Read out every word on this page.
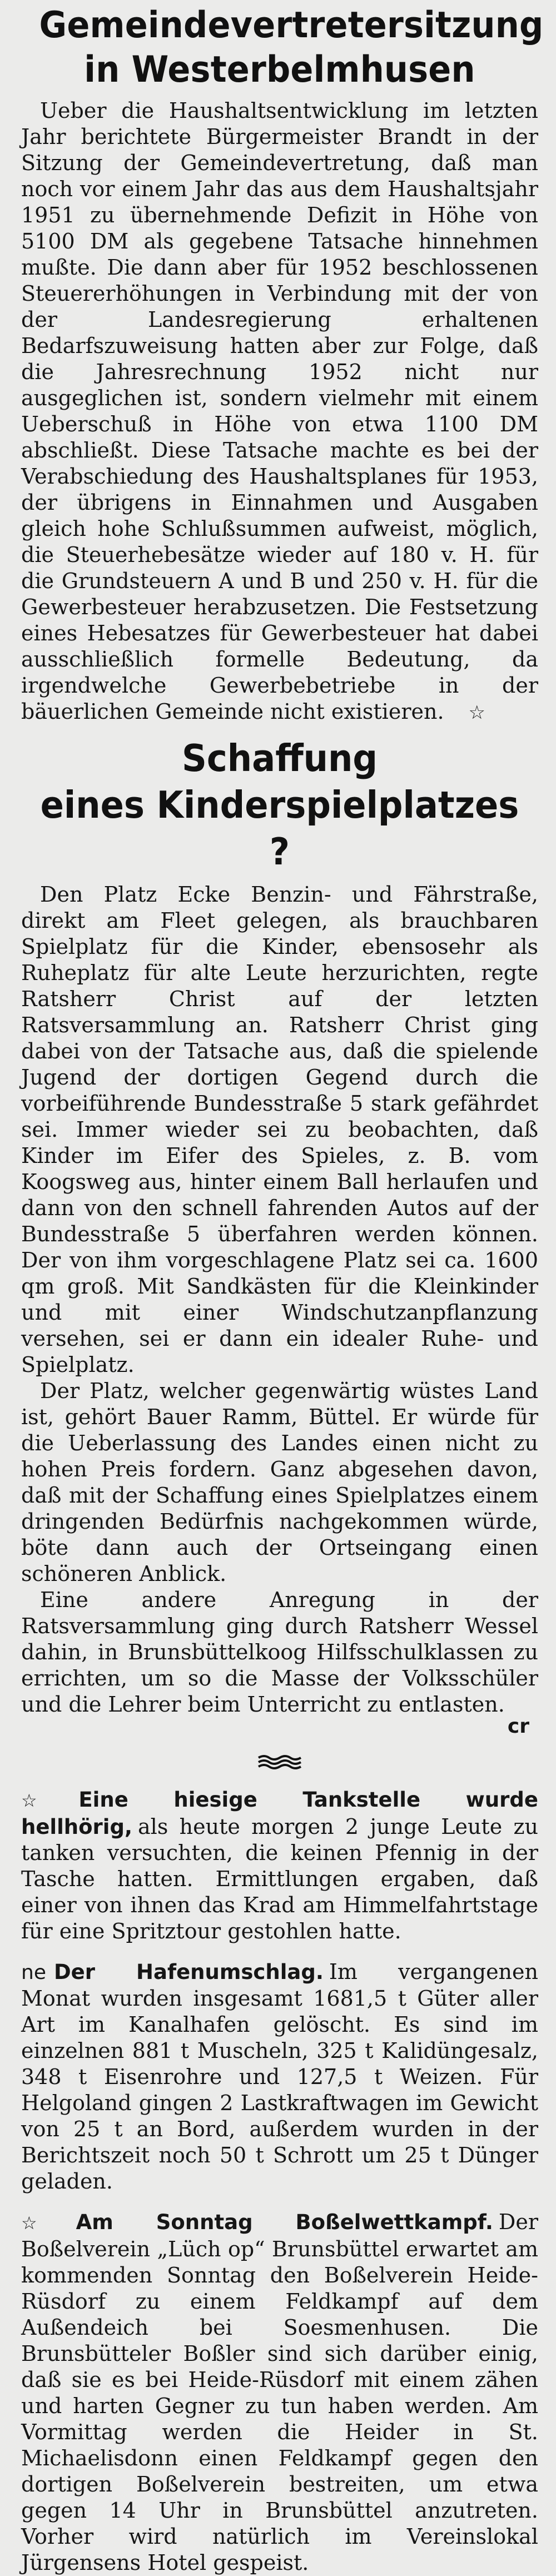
Gemeindevertretersitzung
in Westerbelmhusen

Ueber die Haushaltsentwicklung im letzten Jahr berichtete Bürgermeister Brandt in der Sitzung der Gemeindevertretung, daß man noch vor einem Jahr das aus dem Haushaltsjahr 1951 zu übernehmende Defizit in Höhe von 5100 DM als gegebene Tatsache hinnehmen mußte. Die dann aber für 1952 beschlossenen Steuererhöhungen in Verbindung mit der von der Landesregierung erhaltenen Bedarfszuweisung hatten aber zur Folge, daß die Jahresrechnung 1952 nicht nur ausgeglichen ist, sondern vielmehr mit einem Ueberschuß in Höhe von etwa 1100 DM abschließt. Diese Tatsache machte es bei der Verabschiedung des Haushaltsplanes für 1953, der übrigens in Einnahmen und Ausgaben gleich hohe Schlußsummen aufweist, möglich, die Steuerhebesätze wieder auf 180 v. H. für die Grundsteuern A und B und 250 v. H. für die Gewerbesteuer herabzusetzen. Die Festsetzung eines Hebesatzes für Gewerbesteuer hat dabei ausschließlich formelle Bedeutung, da irgendwelche Gewerbebetriebe in der bäuerlichen Gemeinde nicht existieren. ☆

Schaffung
eines Kinderspielplatzes ?

Den Platz Ecke Benzin- und Fährstraße, direkt am Fleet gelegen, als brauchbaren Spielplatz für die Kinder, ebensosehr als Ruheplatz für alte Leute herzurichten, regte Ratsherr Christ auf der letzten Ratsversammlung an. Ratsherr Christ ging dabei von der Tatsache aus, daß die spielende Jugend der dortigen Gegend durch die vorbeiführende Bundesstraße 5 stark gefährdet sei. Immer wieder sei zu beobachten, daß Kinder im Eifer des Spieles, z. B. vom Koogsweg aus, hinter einem Ball herlaufen und dann von den schnell fahrenden Autos auf der Bundesstraße 5 überfahren werden können. Der von ihm vorgeschlagene Platz sei ca. 1600 qm groß. Mit Sandkästen für die Kleinkinder und mit einer Windschutzanpflanzung versehen, sei er dann ein idealer Ruhe- und Spielplatz.

Der Platz, welcher gegenwärtig wüstes Land ist, gehört Bauer Ramm, Büttel. Er würde für die Ueberlassung des Landes einen nicht zu hohen Preis fordern. Ganz abgesehen davon, daß mit der Schaffung eines Spielplatzes einem dringenden Bedürfnis nachgekommen würde, böte dann auch der Ortseingang einen schöneren Anblick.

Eine andere Anregung in der Ratsversammlung ging durch Ratsherr Wessel dahin, in Brunsbüttelkoog Hilfsschulklassen zu errichten, um so die Masse der Volksschüler und die Lehrer beim Unterricht zu entlasten.

cr

☆ Eine hiesige Tankstelle wurde hellhörig, als heute morgen 2 junge Leute zu tanken versuchten, die keinen Pfennig in der Tasche hatten. Ermittlungen ergaben, daß einer von ihnen das Krad am Himmelfahrtstage für eine Spritztour gestohlen hatte.

ne Der Hafenumschlag. Im vergangenen Monat wurden insgesamt 1681,5 t Güter aller Art im Kanalhafen gelöscht. Es sind im einzelnen 881 t Muscheln, 325 t Kalidüngesalz, 348 t Eisenrohre und 127,5 t Weizen. Für Helgoland gingen 2 Lastkraftwagen im Gewicht von 25 t an Bord, außerdem wurden in der Berichtszeit noch 50 t Schrott um 25 t Dünger geladen.

☆ Am Sonntag Boßelwettkampf. Der Boßelverein „Lüch op“ Brunsbüttel erwartet am kommenden Sonntag den Boßelverein Heide-Rüsdorf zu einem Feldkampf auf dem Außendeich bei Soesmenhusen. Die Brunsbütteler Boßler sind sich darüber einig, daß sie es bei Heide-Rüsdorf mit einem zähen und harten Gegner zu tun haben werden. Am Vormittag werden die Heider in St. Michaelisdonn einen Feldkampf gegen den dortigen Boßelverein bestreiten, um etwa gegen 14 Uhr in Brunsbüttel anzutreten. Vorher wird natürlich im Vereinslokal Jürgensens Hotel gespeist.
